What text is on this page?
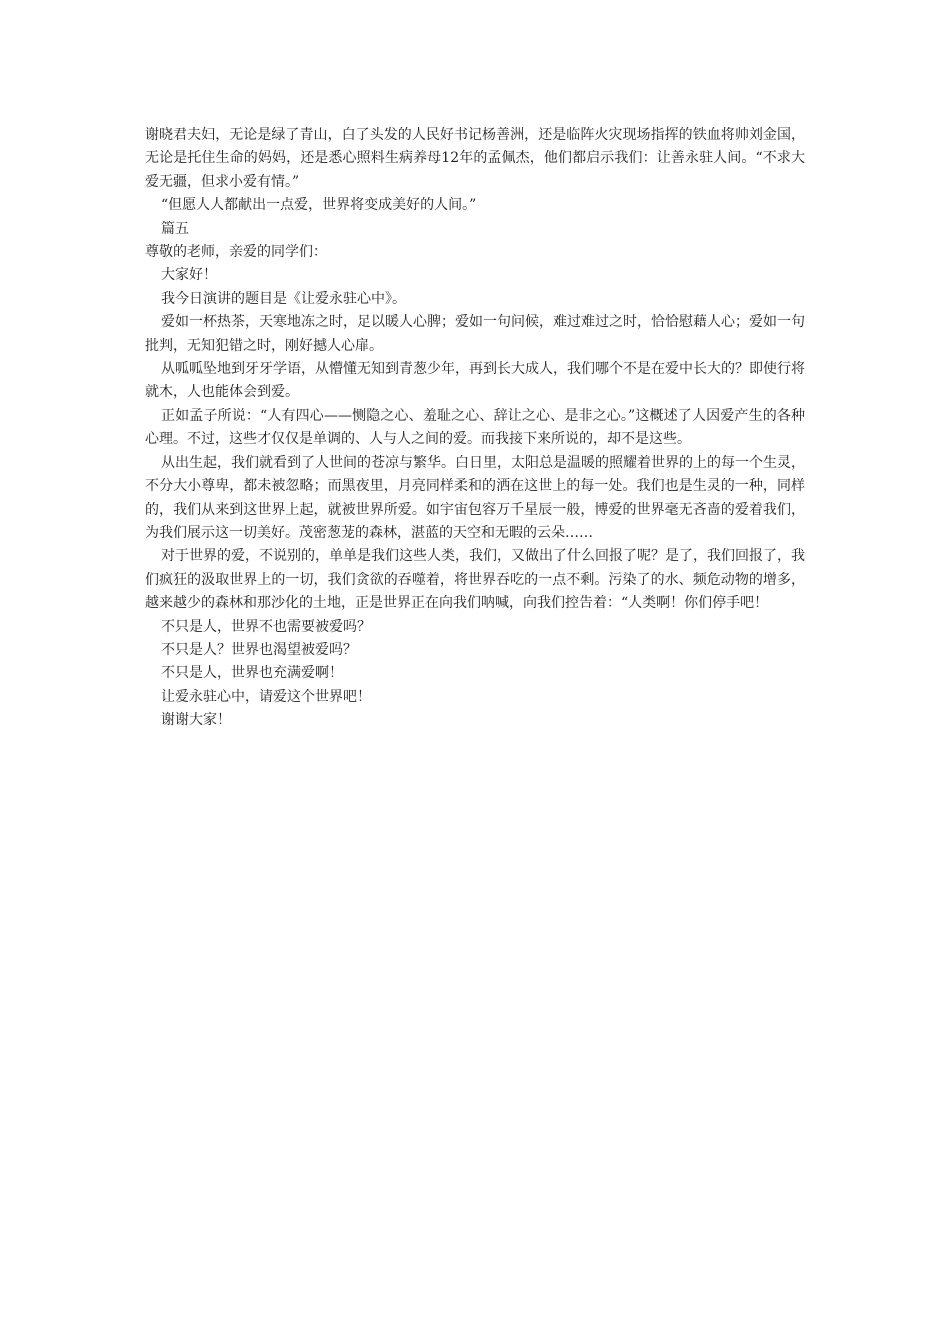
谢晓君夫妇，无论是绿了青山，白了头发的人民好书记杨善洲，还是临阵火灾现场指挥的铁血将帅刘金国，无论是托住生命的妈妈，还是悉心照料生病养母12年的孟佩杰，他们都启示我们：让善永驻人间。“不求大爱无疆，但求小爱有情。”

“但愿人人都献出一点爱，世界将变成美好的人间。”

篇五

尊敬的老师，亲爱的同学们：

大家好！

我今日演讲的题目是《让爱永驻心中》。

爱如一杯热茶，天寒地冻之时，足以暖人心脾；爱如一句问候，难过难过之时，恰恰慰藉人心；爱如一句批判，无知犯错之时，刚好撼人心扉。

从呱呱坠地到牙牙学语，从懵懂无知到青葱少年，再到长大成人，我们哪个不是在爱中长大的？即使行将就木，人也能体会到爱。

正如孟子所说：“人有四心——恻隐之心、羞耻之心、辞让之心、是非之心。”这概述了人因爱产生的各种心理。不过，这些才仅仅是单调的、人与人之间的爱。而我接下来所说的，却不是这些。

从出生起，我们就看到了人世间的苍凉与繁华。白日里，太阳总是温暖的照耀着世界的上的每一个生灵，不分大小尊卑，都未被忽略；而黑夜里，月亮同样柔和的洒在这世上的每一处。我们也是生灵的一种，同样的，我们从来到这世界上起，就被世界所爱。如宇宙包容万千星辰一般，博爱的世界毫无吝啬的爱着我们，为我们展示这一切美好。茂密葱茏的森林，湛蓝的天空和无暇的云朵……

对于世界的爱，不说别的，单单是我们这些人类，我们，又做出了什么回报了呢？是了，我们回报了，我们疯狂的汲取世界上的一切，我们贪欲的吞噬着，将世界吞吃的一点不剩。污染了的水、频危动物的增多，越来越少的森林和那沙化的土地，正是世界正在向我们呐喊，向我们控告着：“人类啊！你们停手吧！

不只是人，世界不也需要被爱吗？

不只是人？世界也渴望被爱吗？

不只是人，世界也充满爱啊！

让爱永驻心中，请爱这个世界吧！

谢谢大家！
